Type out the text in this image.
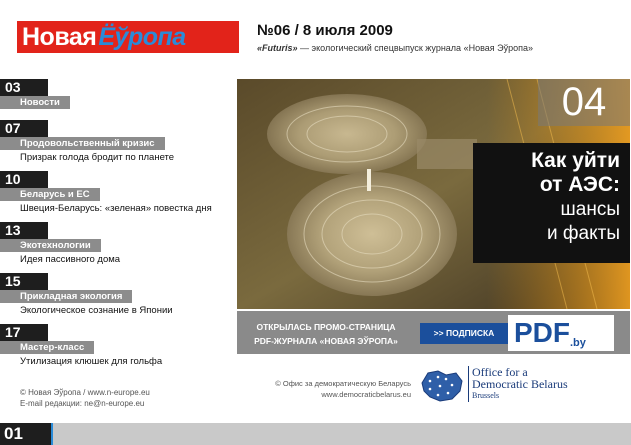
Новая Ёўропа	№06 / 8 июля 2009
«Futuris» — экологический спецвыпуск журнала «Новая Эўропа»
03
Новости
07
Продовольственный кризис
Призрак голода бродит по планете
10
Беларусь и ЕС
Швеция-Беларусь: «зеленая» повестка дня
13
Экотехнологии
Идея пассивного дома
15
Прикладная экология
Экологическое сознание в Японии
17
Мастер-класс
Утилизация клюшек для гольфа
04
Как уйти
от АЭС:
шансы
и факты
ОТКРЫЛАСЬ ПРОМО-СТРАНИЦА
PDF-ЖУРНАЛА «НОВАЯ ЭЎРОПА»
>> ПОДПИСКА PDF.by
© Новая Эўропа / www.n-europe.eu
E-mail редакции: ne@n-europe.eu
© Офис за демократическую Беларусь
www.democraticbelarus.eu
Office for a
Democratic Belarus
Brussels
01
